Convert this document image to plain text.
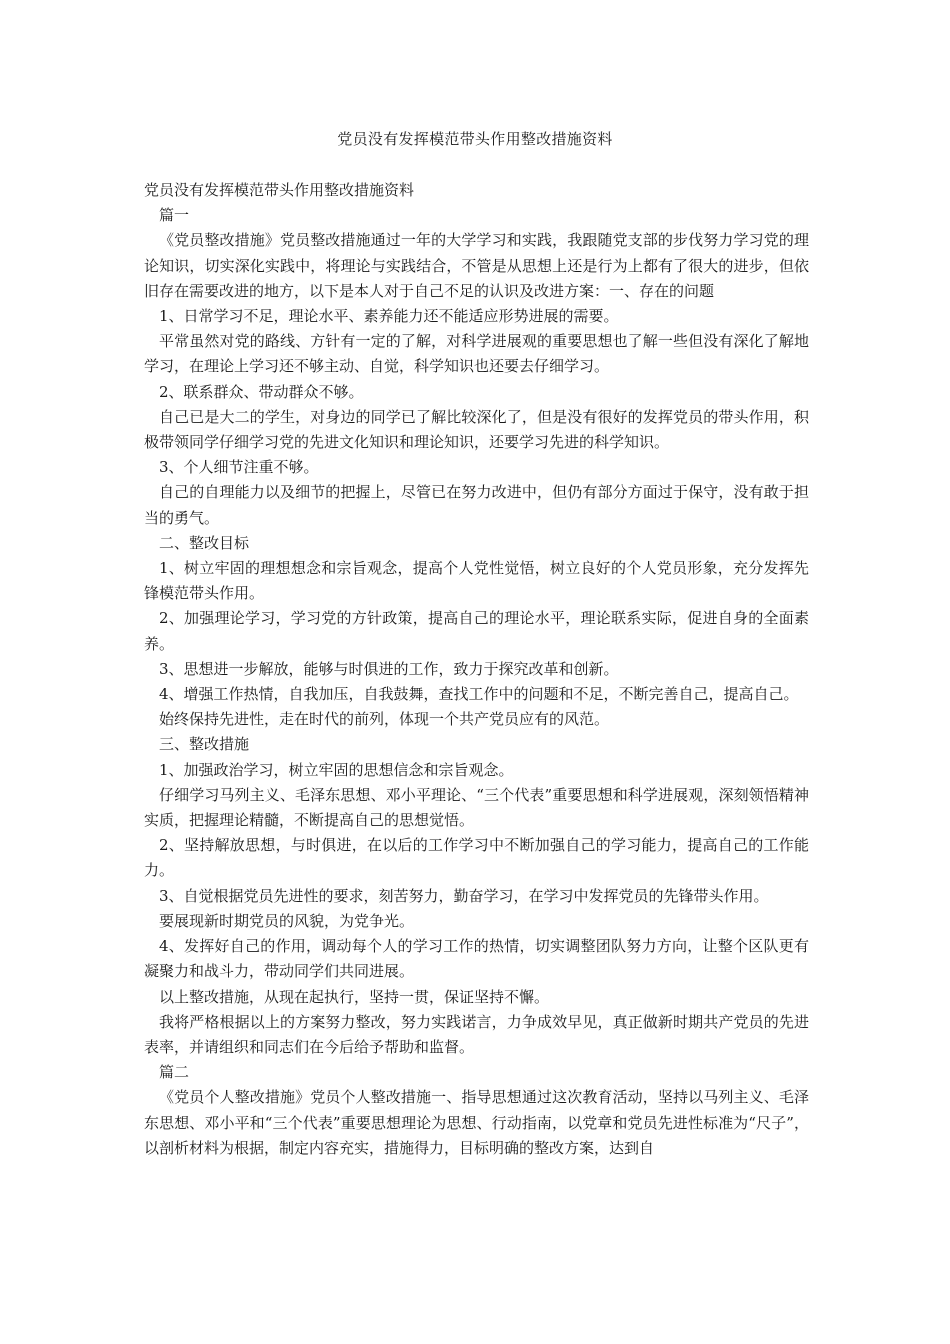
党员没有发挥模范带头作用整改措施资料

党员没有发挥模范带头作用整改措施资料

篇一

《党员整改措施》党员整改措施通过一年的大学学习和实践，我跟随党支部的步伐努力学习党的理论知识，切实深化实践中，将理论与实践结合，不管是从思想上还是行为上都有了很大的进步，但依旧存在需要改进的地方，以下是本人对于自己不足的认识及改进方案：一、存在的问题

1、日常学习不足，理论水平、素养能力还不能适应形势进展的需要。

平常虽然对党的路线、方针有一定的了解，对科学进展观的重要思想也了解一些但没有深化了解地学习，在理论上学习还不够主动、自觉，科学知识也还要去仔细学习。

2、联系群众、带动群众不够。

自己已是大二的学生，对身边的同学已了解比较深化了，但是没有很好的发挥党员的带头作用，积极带领同学仔细学习党的先进文化知识和理论知识，还要学习先进的科学知识。

3、个人细节注重不够。

自己的自理能力以及细节的把握上，尽管已在努力改进中，但仍有部分方面过于保守，没有敢于担当的勇气。

二、整改目标

1、树立牢固的理想想念和宗旨观念，提高个人党性觉悟，树立良好的个人党员形象，充分发挥先锋模范带头作用。

2、加强理论学习，学习党的方针政策，提高自己的理论水平，理论联系实际，促进自身的全面素养。

3、思想进一步解放，能够与时俱进的工作，致力于探究改革和创新。

4、增强工作热情，自我加压，自我鼓舞，查找工作中的问题和不足，不断完善自己，提高自己。

始终保持先进性，走在时代的前列，体现一个共产党员应有的风范。

三、整改措施

1、加强政治学习，树立牢固的思想信念和宗旨观念。

仔细学习马列主义、毛泽东思想、邓小平理论、“三个代表”重要思想和科学进展观，深刻领悟精神实质，把握理论精髓，不断提高自己的思想觉悟。

2、坚持解放思想，与时俱进，在以后的工作学习中不断加强自己的学习能力，提高自己的工作能力。

3、自觉根据党员先进性的要求，刻苦努力，勤奋学习，在学习中发挥党员的先锋带头作用。

要展现新时期党员的风貌，为党争光。

4、发挥好自己的作用，调动每个人的学习工作的热情，切实调整团队努力方向，让整个区队更有凝聚力和战斗力，带动同学们共同进展。

以上整改措施，从现在起执行，坚持一贯，保证坚持不懈。

我将严格根据以上的方案努力整改，努力实践诺言，力争成效早见，真正做新时期共产党员的先进表率，并请组织和同志们在今后给予帮助和监督。

篇二

《党员个人整改措施》党员个人整改措施一、指导思想通过这次教育活动，坚持以马列主义、毛泽东思想、邓小平和“三个代表”重要思想理论为思想、行动指南，以党章和党员先进性标准为“尺子”，以剖析材料为根据，制定内容充实，措施得力，目标明确的整改方案，达到自
